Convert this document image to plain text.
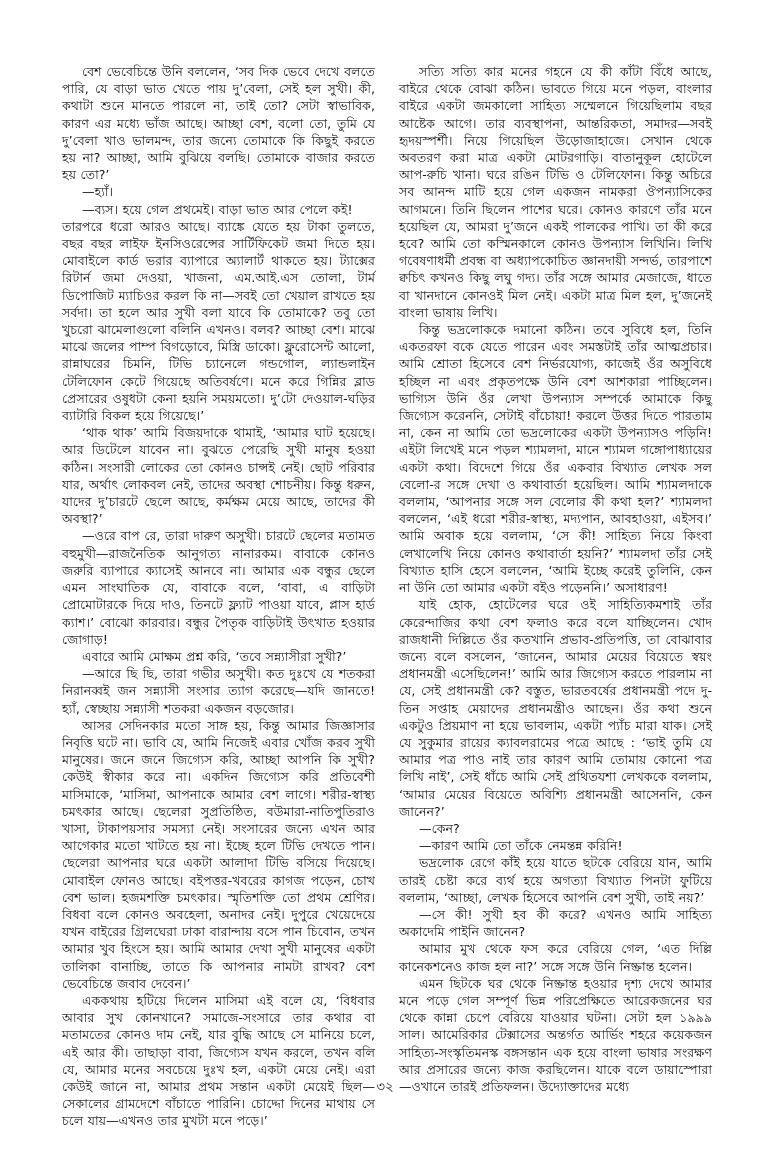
বেশ ভেবেচিন্তে উনি বললেন, ‘সব দিক ভেবে দেখে বলতে পারি, যে বাড়া ভাত খেতে পায় দু’বেলা, সেই হল সুখী। কী, কথাটা শুনে মানতে পারলে না, তাই তো? সেটা স্বাভাবিক, কারণ এর মধ্যে ভাঁজ আছে। আচ্ছা বেশ, বলো তো, তুমি যে দু’বেলা খাও ভালমন্দ, তার জন্যে তোমাকে কি কিছুই করতে হয় না? আচ্ছা, আমি বুঝিয়ে বলছি। তোমাকে বাজার করতে হয় তো?’

—হ্যাঁ।

—ব্যস। হয়ে গেল প্রথমেই। বাড়া ভাত আর পেলে কই!

তারপরে ধরো আরও আছে। ব্যাঙ্কে যেতে হয় টাকা তুলতে, বছর বছর লাইফ ইনসিওরেন্সের সার্টিফিকেট জমা দিতে হয়। মোবাইলে কার্ড ভরার ব্যাপারে অ্যালার্ট থাকতে হয়। ট্যাক্সের রিটার্ন জমা দেওয়া, খাজনা, এম.আই.এস তোলা, টার্ম ডিপোজিট ম্যাচিওর করল কি না—সবই তো খেয়াল রাখতে হয় সর্বদা। তা হলে আর সুখী বলা যাবে কি তোমাকে? তবু তো খুচরো ঝামেলাগুলো বলিনি এখনও। বলব? আচ্ছা বেশ। মাঝে মাঝে জলের পাম্প বিগড়োবে, মিস্ত্রি ডাকো। ফ্লুরোসেন্ট আলো, রান্নাঘরের চিমনি, টিভি চ্যানেলে গন্ডগোল, ল্যান্ডলাইন টেলিফোন কেটে গিয়েছে অতিবর্ষণে। মনে করে গিন্নির ব্লাড প্রেসারের ওষুধটা কেনা হয়নি সময়মতো। দু’টো দেওয়াল-ঘড়ির ব্যাটারি বিকল হয়ে গিয়েছে।’

‘থাক থাক’ আমি বিজয়দাকে থামাই, ‘আমার ঘাট হয়েছে। আর ডিটেলে যাবেন না। বুঝতে পেরেছি সুখী মানুষ হওয়া কঠিন। সংসারী লোকের তো কোনও চান্সই নেই। ছোট পরিবার যার, অর্থাৎ লোকবল নেই, তাদের অবস্থা শোচনীয়। কিন্তু ধরুন, যাদের দু’চারটে ছেলে আছে, কর্মক্ষম মেয়ে আছে, তাদের কী অবস্থা?’

—ওরে বাপ রে, তারা দারুণ অসুখী। চারটে ছেলের মতামত বহুমুখী—রাজনৈতিক আনুগত্য নানারকম। বাবাকে কোনও জরুরি ব্যাপারে ক্যাসেই আনবে না। আমার এক বন্ধুর ছেলে এমন সাংঘাতিক যে, বাবাকে বলে, ‘বাবা, এ বাড়িটা প্রোমোটারকে দিয়ে দাও, তিনটে ফ্ল্যাট পাওয়া যাবে, প্লাস হার্ড ক্যাশ।’ বোঝো কারবার। বন্ধুর পৈতৃক বাড়িটাই উৎখাত হওয়ার জোগাড়!

এবারে আমি মোক্ষম প্রশ্ন করি, ‘তবে সন্ন্যাসীরা সুখী?’

—আরে ছি ছি, তারা গভীর অসুখী। কত দুঃখে যে শতকরা নিরানব্বই জন সন্ন্যাসী সংসার ত্যাগ করেছে—যদি জানতে! হ্যাঁ, স্বেচ্ছায় সন্ন্যাসী শতকরা একজন বড়জোর।

আসর সেদিনকার মতো সাঙ্গ হয়, কিন্তু আমার জিজ্ঞাসার নিবৃত্তি ঘটে না। ভাবি যে, আমি নিজেই এবার খোঁজ করব সুখী মানুষের। জনে জনে জিগ্যেস করি, আচ্ছা আপনি কি সুখী? কেউই স্বীকার করে না। একদিন জিগ্যেস করি প্রতিবেশী মাসিমাকে, ‘মাসিমা, আপনাকে আমার বেশ লাগে। শরীর-স্বাস্থ্য চমৎকার আছে। ছেলেরা সুপ্রতিষ্ঠিত, বউমারা-নাতিপুতিরাও খাসা, টাকাপয়সার সমস্যা নেই। সংসারের জন্যে এখন আর আগেকার মতো খাটতে হয় না। ইচ্ছে হলে টিভি দেখতে পান। ছেলেরা আপনার ঘরে একটা আলাদা টিভি বসিয়ে দিয়েছে। মোবাইল ফোনও আছে। বইপত্তর-খবরের কাগজ পড়েন, চোখ বেশ ভাল। হজমশক্তি চমৎকার। স্মৃতিশক্তি তো প্রথম শ্রেণির। বিধবা বলে কোনও অবহেলা, অনাদর নেই। দুপুরে খেয়েদেয়ে যখন বাইরের গ্রিলঘেরা ঢাকা বারান্দায় বসে পান চিবোন, তখন আমার খুব হিংসে হয়। আমি আমার দেখা সুখী মানুষের একটা তালিকা বানাচ্ছি, তাতে কি আপনার নামটা রাখব? বেশ ভেবেচিন্তে জবাব দেবেন।’

এককথায় হটিয়ে দিলেন মাসিমা এই বলে যে, ‘বিধবার আবার সুখ কোনখানে? সমাজে-সংসারে তার কথার বা মতামতের কোনও দাম নেই, যার বুদ্ধি আছে সে মানিয়ে চলে, এই আর কী। তাছাড়া বাবা, জিগ্যেস যখন করলে, তখন বলি যে, আমার মনের সবচেয়ে দুঃখ হল, একটা মেয়ে নেই। এরা কেউই জানে না, আমার প্রথম সন্তান একটা মেয়েই ছিল—সেকালের গ্রামদেশে বাঁচাতে পারিনি। চোদ্দো দিনের মাথায় সে চলে যায়—এখনও তার মুখটা মনে পড়ে।’

সত্যি সত্যি কার মনের গহনে যে কী কাঁটা বিঁধে আছে, বাইরে থেকে বোঝা কঠিন। ভাবতে গিয়ে মনে পড়ল, বাংলার বাইরে একটা জমকালো সাহিত্য সম্মেলনে গিয়েছিলাম বছর আষ্টেক আগে। তার ব্যবস্থাপনা, আন্তরিকতা, সমাদর—সবই হৃদয়স্পর্শী। নিয়ে গিয়েছিল উড়োজাহাজে। সেখান থেকে অবতরণ করা মাত্র একটা মোটরগাড়ি। বাতানুকূল হোটেলে আপ-রুচি খানা। ঘরে রঙিন টিভি ও টেলিফোন। কিন্তু অচিরে সব আনন্দ মাটি হয়ে গেল একজন নামকরা ঔপন্যাসিকের আগমনে। তিনি ছিলেন পাশের ঘরে। কোনও কারণে তাঁর মনে হয়েছিল যে, আমরা দু’জনে একই পালকের পাখি। তা কী করে হবে? আমি তো কস্মিনকালে কোনও উপন্যাস লিখিনি। লিখি গবেষণাধর্মী প্রবন্ধ বা অধ্যাপকোচিত জ্ঞানদায়ী সন্দর্ভ, তারপাশে ক্বচিৎ কখনও কিছু লঘু গদ্য। তাঁর সঙ্গে আমার মেজাজে, ধাতে বা খানদানে কোনওই মিল নেই। একটা মাত্র মিল হল, দু’জনেই বাংলা ভাষায় লিখি।

কিন্তু ভদ্রলোককে দমানো কঠিন। তবে সুবিধে হল, তিনি একতরফা বকে যেতে পারেন এবং সমস্তটাই তাঁর আত্মপ্রচার। আমি শ্রোতা হিসেবে বেশ নির্ভরযোগ্য, কাজেই ওঁর অসুবিধে হচ্ছিল না এবং প্রকৃতপক্ষে উনি বেশ আশকারা পাচ্ছিলেন। ভাগ্যিস উনি ওঁর লেখা উপন্যাস সম্পর্কে আমাকে কিছু জিগ্যেস করেননি, সেটাই বাঁচোয়া! করলে উত্তর দিতে পারতাম না, কেন না আমি তো ভদ্রলোকের একটা উপন্যাসও পড়িনি! এইটা লিখেই মনে পড়ল শ্যামলদা, মানে শ্যামল গঙ্গোপাধ্যায়ের একটা কথা। বিদেশে গিয়ে ওঁর একবার বিখ্যাত লেখক সল বেলো-র সঙ্গে দেখা ও কথাবার্তা হয়েছিল। আমি শ্যামলদাকে বললাম, ‘আপনার সঙ্গে সল বেলোর কী কথা হল?’ শ্যামলদা বললেন, ‘এই ধরো শরীর-স্বাস্থ্য, মদ্যপান, আবহাওয়া, এইসব।’ আমি অবাক হয়ে বললাম, ‘সে কী! সাহিত্য নিয়ে কিংবা লেখালেখি নিয়ে কোনও কথাবার্তা হয়নি?’ শ্যামলদা তাঁর সেই বিখ্যাত হাসি হেসে বললেন, ‘আমি ইচ্ছে করেই তুলিনি, কেন না উনি তো আমার একটা বইও পড়েননি।’ অসাধারণ!

যাই হোক, হোটেলের ঘরে ওই সাহিত্যিকমশাই তাঁর কেরেন্দাজির কথা বেশ ফলাও করে বলে যাচ্ছিলেন। খোদ রাজধানী দিল্লিতে ওঁর কতখানি প্রভাব-প্রতিপত্তি, তা বোঝাবার জন্যে বলে বসলেন, ‘জানেন, আমার মেয়ের বিয়েতে স্বয়ং প্রধানমন্ত্রী এসেছিলেন!’ আমি আর জিগ্যেস করতে পারলাম না যে, সেই প্রধানমন্ত্রী কে? বস্তুত, ভারতবর্ষের প্রধানমন্ত্রী পদে দু-তিন সপ্তাহ মেয়াদের প্রধানমন্ত্রীও আছেন। ওঁর কথা শুনে একটুও প্রিয়মাণ না হয়ে ভাবলাম, একটা প্যাঁচ মারা যাক। সেই যে সুকুমার রায়ের ক্যাবলরামের পত্রে আছে : ‘ভাই তুমি যে আমার পত্র পাও নাই তার কারণ আমি তোমায় কোনো পত্র লিখি নাই’, সেই ধাঁচে আমি সেই প্রথিতযশা লেখককে বললাম, ‘আমার মেয়ের বিয়েতে অবিশ্যি প্রধানমন্ত্রী আসেননি, কেন জানেন?’

—কেন?

—কারণ আমি তো তাঁকে নেমন্তন্ন করিনি!

ভদ্রলোক রেগে কাঁই হয়ে যাতে ছটকে বেরিয়ে যান, আমি তারই চেষ্টা করে ব্যর্থ হয়ে অগত্যা বিখ্যাত পিনটা ফুটিয়ে বললাম, ‘আচ্ছা, লেখক হিসেবে আপনি বেশ সুখী, তাই নয়?’

—সে কী! সুখী হব কী করে? এখনও আমি সাহিত্য অকাদেমি পাইনি জানেন?

আমার মুখ থেকে ফস করে বেরিয়ে গেল, ‘এত দিল্লি কানেকশনেও কাজ হল না?’ সঙ্গে সঙ্গে উনি নিষ্ক্রান্ত হলেন।

এমন ছিটকে ঘর থেকে নিষ্ক্রান্ত হওয়ার দৃশ্য দেখে আমার মনে পড়ে গেল সম্পূর্ণ ভিন্ন পরিপ্রেক্ষিতে আরেকজনের ঘর থেকে কান্না চেপে বেরিয়ে যাওয়ার ঘটনা। সেটা হল ১৯৯৯ সাল। আমেরিকার টেক্সাসের অন্তর্গত আর্ভিং শহরে কয়েকজন সাহিত্য-সংস্কৃতিমনস্ক বঙ্গসন্তান এক হয়ে বাংলা ভাষার সংরক্ষণ আর প্রসারের জন্যে কাজ করছিলেন। যাকে বলে ডায়াস্পোরা—ওখানে তারই প্রতিফলন। উদ্যোক্তাদের মধ্যে

৩২
